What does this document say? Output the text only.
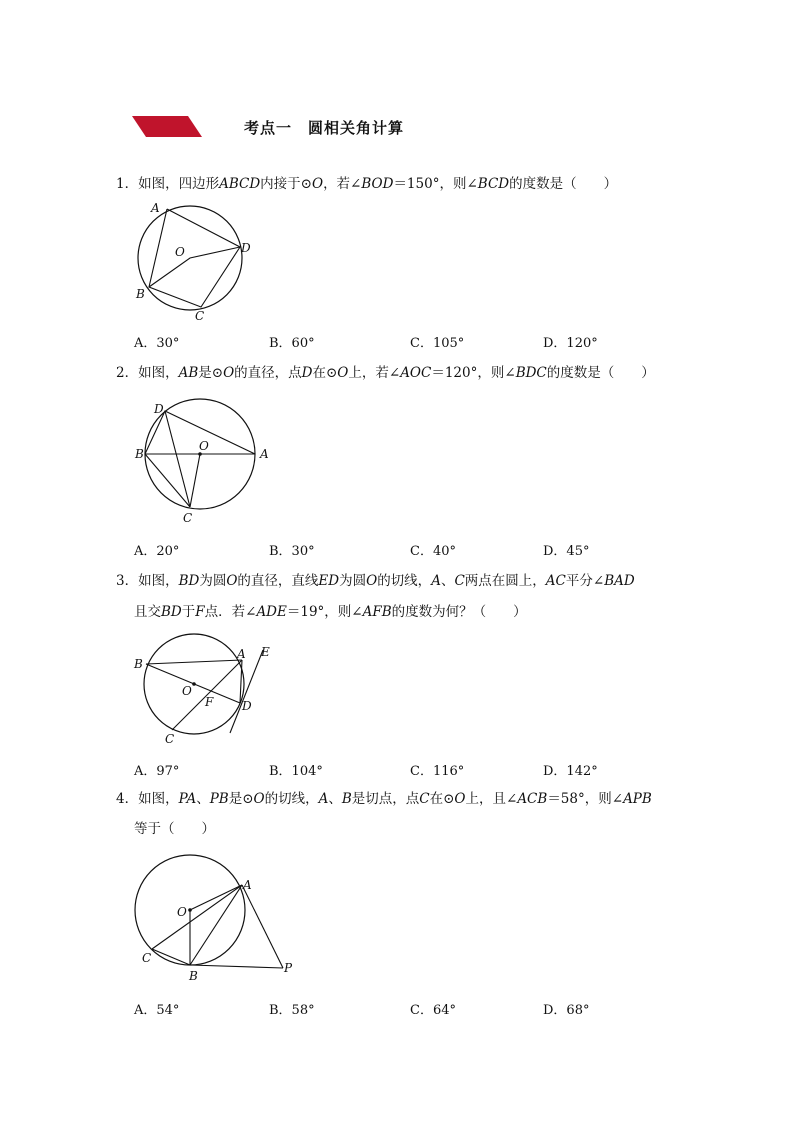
考点一　圆相关角计算
1．如图，四边形ABCD内接于⊙O，若∠BOD＝150°，则∠BCD的度数是（　　）
A
O	D
B
C
A．30°	B．60°	C．105°	D．120°
2．如图，AB是⊙O的直径，点D在⊙O上，若∠AOC＝120°，则∠BDC的度数是（　　）
D
O
B	A
C
A．20°	B．30°	C．40°	D．45°
3．如图，BD为圆O的直径，直线ED为圆O的切线，A、C两点在圆上，AC平分∠BAD
且交BD于F点．若∠ADE＝19°，则∠AFB的度数为何？（　　）
B
A E
O
F D
C
A．97°	B．104°	C．116°	D．142°
4．如图，PA、PB是⊙O的切线，A、B是切点，点C在⊙O上，且∠ACB＝58°，则∠APB
等于（　　）
A
O
C
B
P
A．54°	B．58°	C．64°	D．68°
